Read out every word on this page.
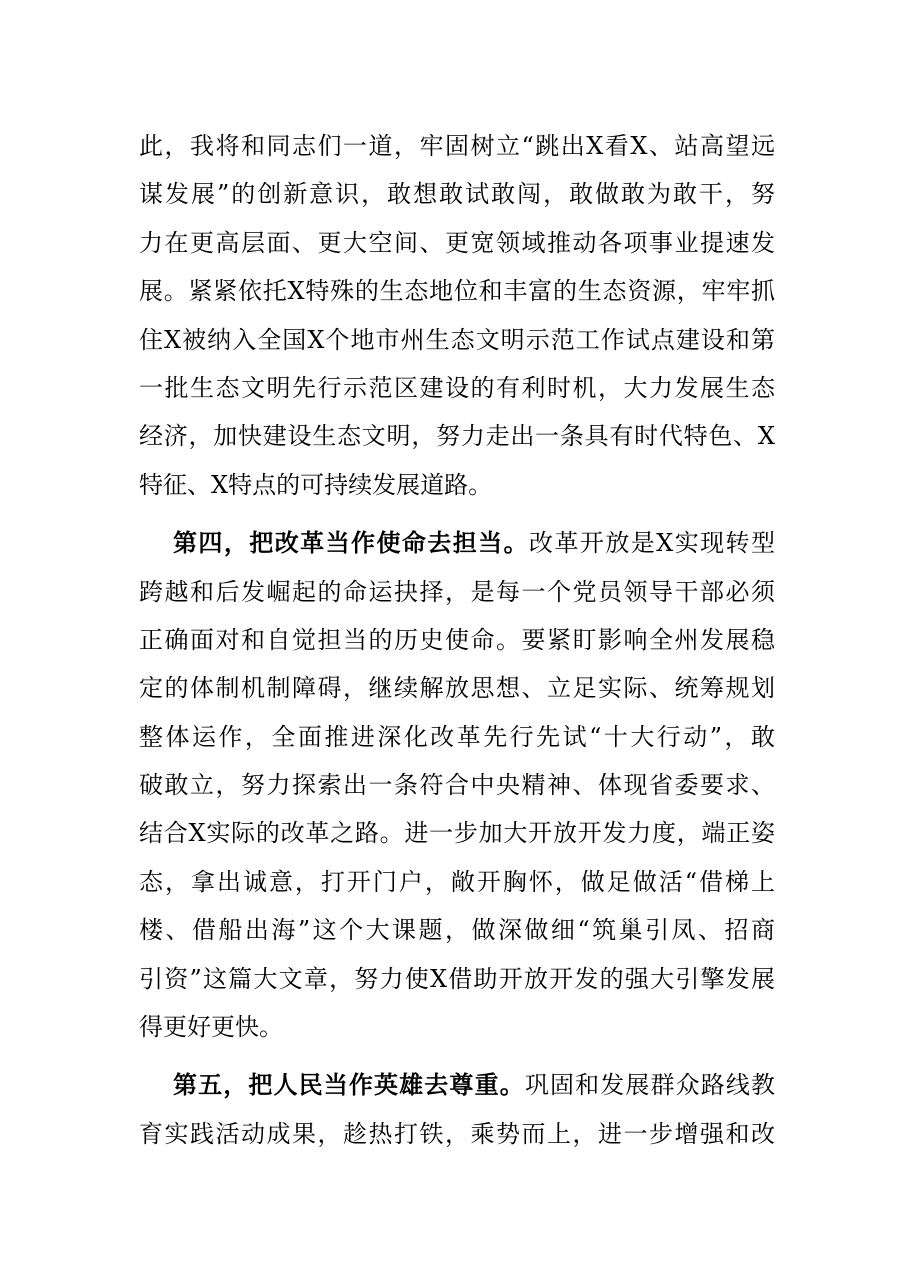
此，我将和同志们一道，牢固树立“跳出X看X、站高望远
谋发展”的创新意识，敢想敢试敢闯，敢做敢为敢干，努
力在更高层面、更大空间、更宽领域推动各项事业提速发
展。紧紧依托X特殊的生态地位和丰富的生态资源，牢牢抓
住X被纳入全国X个地市州生态文明示范工作试点建设和第
一批生态文明先行示范区建设的有利时机，大力发展生态
经济，加快建设生态文明，努力走出一条具有时代特色、X
特征、X特点的可持续发展道路。
第四，把改革当作使命去担当。改革开放是X实现转型
跨越和后发崛起的命运抉择，是每一个党员领导干部必须
正确面对和自觉担当的历史使命。要紧盯影响全州发展稳
定的体制机制障碍，继续解放思想、立足实际、统筹规划
整体运作，全面推进深化改革先行先试“十大行动”，敢
破敢立，努力探索出一条符合中央精神、体现省委要求、
结合X实际的改革之路。进一步加大开放开发力度，端正姿
态，拿出诚意，打开门户，敞开胸怀，做足做活“借梯上
楼、借船出海”这个大课题，做深做细“筑巢引凤、招商
引资”这篇大文章，努力使X借助开放开发的强大引擎发展
得更好更快。
第五，把人民当作英雄去尊重。巩固和发展群众路线教
育实践活动成果，趁热打铁，乘势而上，进一步增强和改
